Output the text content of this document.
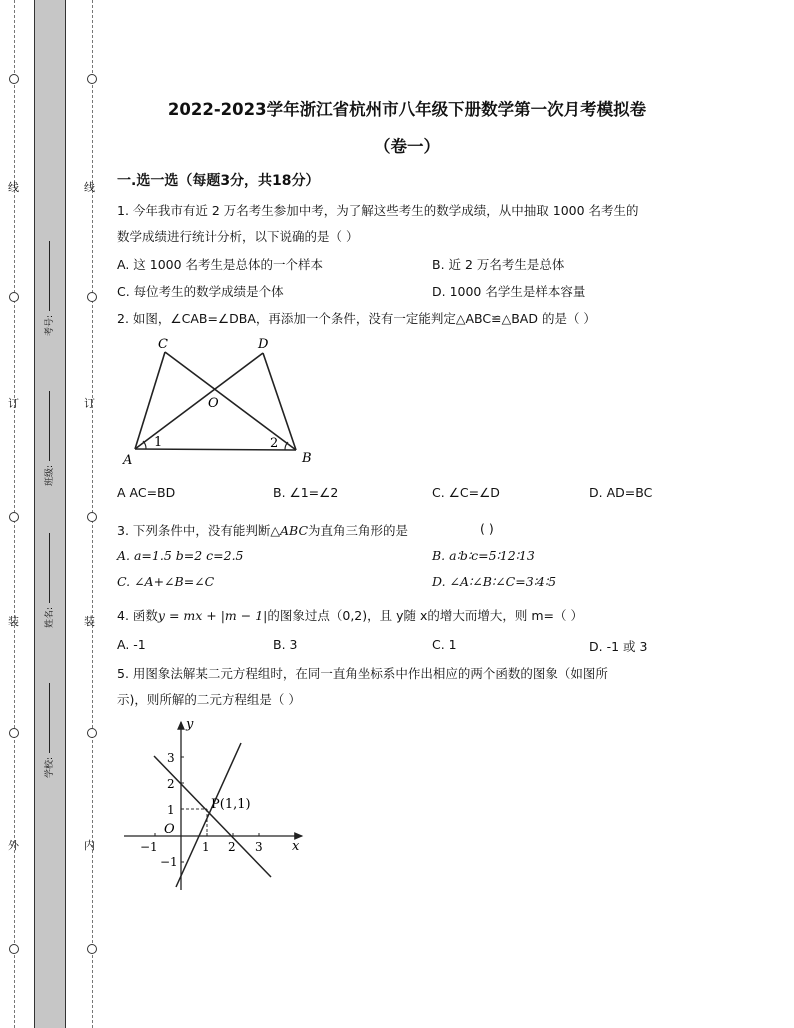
线
订
装
外
线
订
装
内
考号:
班级:
姓名:
学校:
2022-2023学年浙江省杭州市八年级下册数学第一次月考模拟卷
（卷一）
一.选一选（每题3分，共18分）
1. 今年我市有近 2 万名考生参加中考，为了解这些考生的数学成绩，从中抽取 1000 名考生的
数学成绩进行统计分析，以下说确的是（ ）
A. 这 1000 名考生是总体的一个样本	B. 近 2 万名考生是总体
C. 每位考生的数学成绩是个体	D. 1000 名学生是样本容量
2. 如图，∠CAB=∠DBA，再添加一个条件，没有一定能判定△ABC≌△BAD 的是（ ）
C	D
O
A	B
1	2
A AC=BD	B. ∠1=∠2	C. ∠C=∠D	D. AD=BC
3. 下列条件中，没有能判断△ABC为直角三角形的是	( )
A. a=1.5 b=2 c=2.5	B. a∶b∶c=5∶12∶13
C. ∠A+∠B=∠C	D. ∠A∶∠B∶∠C=3∶4∶5
4. 函数y = mx + |m − 1|的图象过点（0,2)，且 y随 x的增大而增大，则 m=（ ）
A. -1	B. 3	C. 1	D. -1 或 3
5. 用图象法解某二元方程组时，在同一直角坐标系中作出相应的两个函数的图象（如图所
示)，则所解的二元方程组是（ ）
y
x
O
P(1,1)
−1	1 2 3
3
2
1
−1
